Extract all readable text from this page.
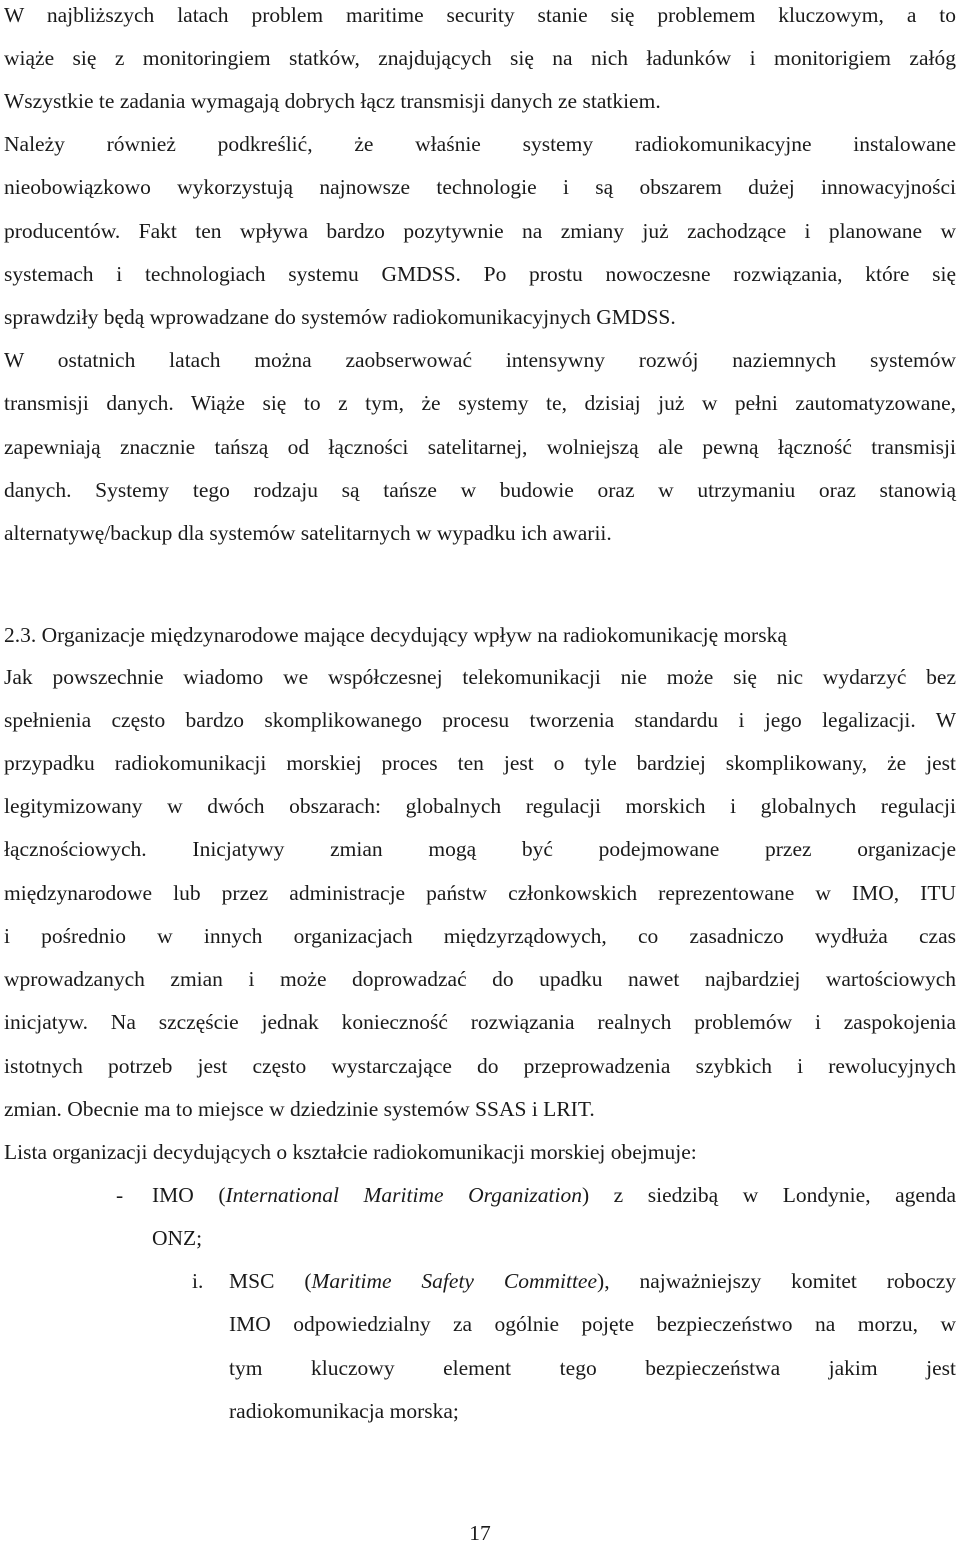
W najbliższych latach problem maritime security stanie się problemem kluczowym, a to
wiąże się z monitoringiem statków, znajdujących się na nich ładunków i monitorigiem załóg
Wszystkie te zadania wymagają dobrych łącz transmisji danych ze statkiem.
Należy również podkreślić, że właśnie systemy radiokomunikacyjne instalowane
nieobowiązkowo wykorzystują najnowsze technologie i są obszarem dużej innowacyjności
producentów. Fakt ten wpływa bardzo pozytywnie na zmiany już zachodzące i planowane w
systemach i technologiach systemu GMDSS. Po prostu nowoczesne rozwiązania, które się
sprawdziły będą wprowadzane do systemów radiokomunikacyjnych GMDSS.
W ostatnich latach można zaobserwować intensywny rozwój naziemnych systemów
transmisji danych. Wiąże się to z tym, że systemy te, dzisiaj już w pełni zautomatyzowane,
zapewniają znacznie tańszą od łączności satelitarnej, wolniejszą ale pewną łączność transmisji
danych. Systemy tego rodzaju są tańsze w budowie oraz w utrzymaniu oraz stanowią
alternatywę/backup dla systemów satelitarnych w wypadku ich awarii.
2.3. Organizacje międzynarodowe mające decydujący wpływ na radiokomunikację morską
Jak powszechnie wiadomo we współczesnej telekomunikacji nie może się nic wydarzyć bez
spełnienia często bardzo skomplikowanego procesu tworzenia standardu i jego legalizacji. W
przypadku radiokomunikacji morskiej proces ten jest o tyle bardziej skomplikowany, że jest
legitymizowany w dwóch obszarach: globalnych regulacji morskich i globalnych regulacji
łącznościowych. Inicjatywy zmian mogą być podejmowane przez organizacje
międzynarodowe lub przez administracje państw członkowskich reprezentowane w IMO, ITU
i pośrednio w innych organizacjach międzyrządowych, co zasadniczo wydłuża czas
wprowadzanych zmian i może doprowadzać do upadku nawet najbardziej wartościowych
inicjatyw. Na szczęście jednak konieczność rozwiązania realnych problemów i zaspokojenia
istotnych potrzeb jest często wystarczające do przeprowadzenia szybkich i rewolucyjnych
zmian. Obecnie ma to miejsce w dziedzinie systemów SSAS i LRIT.
Lista organizacji decydujących o kształcie radiokomunikacji morskiej obejmuje:
- IMO (International Maritime Organization) z siedzibą w Londynie, agenda
ONZ;
i. MSC (Maritime Safety Committee), najważniejszy komitet roboczy
IMO odpowiedzialny za ogólnie pojęte bezpieczeństwo na morzu, w
tym kluczowy element tego bezpieczeństwa jakim jest
radiokomunikacja morska;
17
